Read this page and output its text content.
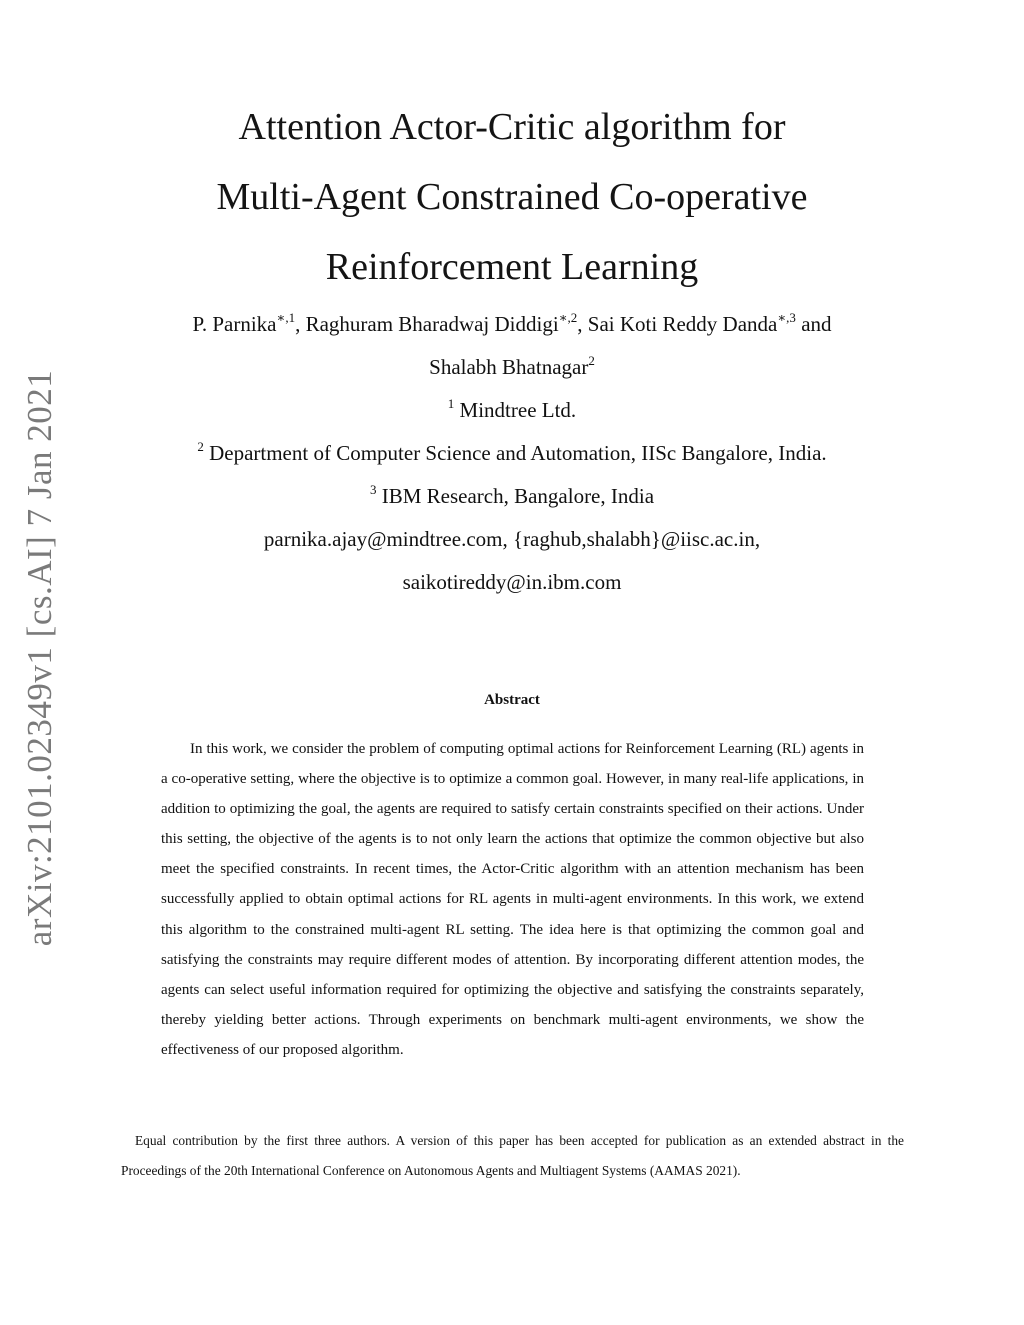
arXiv:2101.02349v1 [cs.AI] 7 Jan 2021
Attention Actor-Critic algorithm for
Multi-Agent Constrained Co-operative
Reinforcement Learning
P. Parnika$^{∗,1}$, Raghuram Bharadwaj Diddigi$^{∗,2}$, Sai Koti Reddy Danda$^{∗,3}$ and
Shalabh Bhatnagar$^2$
$^1$ Mindtree Ltd.
$^2$ Department of Computer Science and Automation, IISc Bangalore, India.
$^3$ IBM Research, Bangalore, India
parnika.ajay@mindtree.com, {raghub,shalabh}@iisc.ac.in,
saikotireddy@in.ibm.com
Abstract

In this work, we consider the problem of computing optimal actions for Reinforcement Learning (RL) agents in a co-operative setting, where the objective is to optimize a common goal. However, in many real-life applications, in addition to optimizing the goal, the agents are required to satisfy certain constraints specified on their actions. Under this setting, the objective of the agents is to not only learn the actions that optimize the common objective but also meet the specified constraints. In recent times, the Actor-Critic algorithm with an attention mechanism has been successfully applied to obtain optimal actions for RL agents in multi-agent environments. In this work, we extend this algorithm to the constrained multi-agent RL setting. The idea here is that optimizing the common goal and satisfying the constraints may require different modes of attention. By incorporating different attention modes, the agents can select useful information required for optimizing the objective and satisfying the constraints separately, thereby yielding better actions. Through experiments on benchmark multi-agent environments, we show the effectiveness of our proposed algorithm.

Equal contribution by the first three authors. A version of this paper has been accepted for publication as an extended abstract in the Proceedings of the 20th International Conference on Autonomous Agents and Multiagent Systems (AAMAS 2021).
